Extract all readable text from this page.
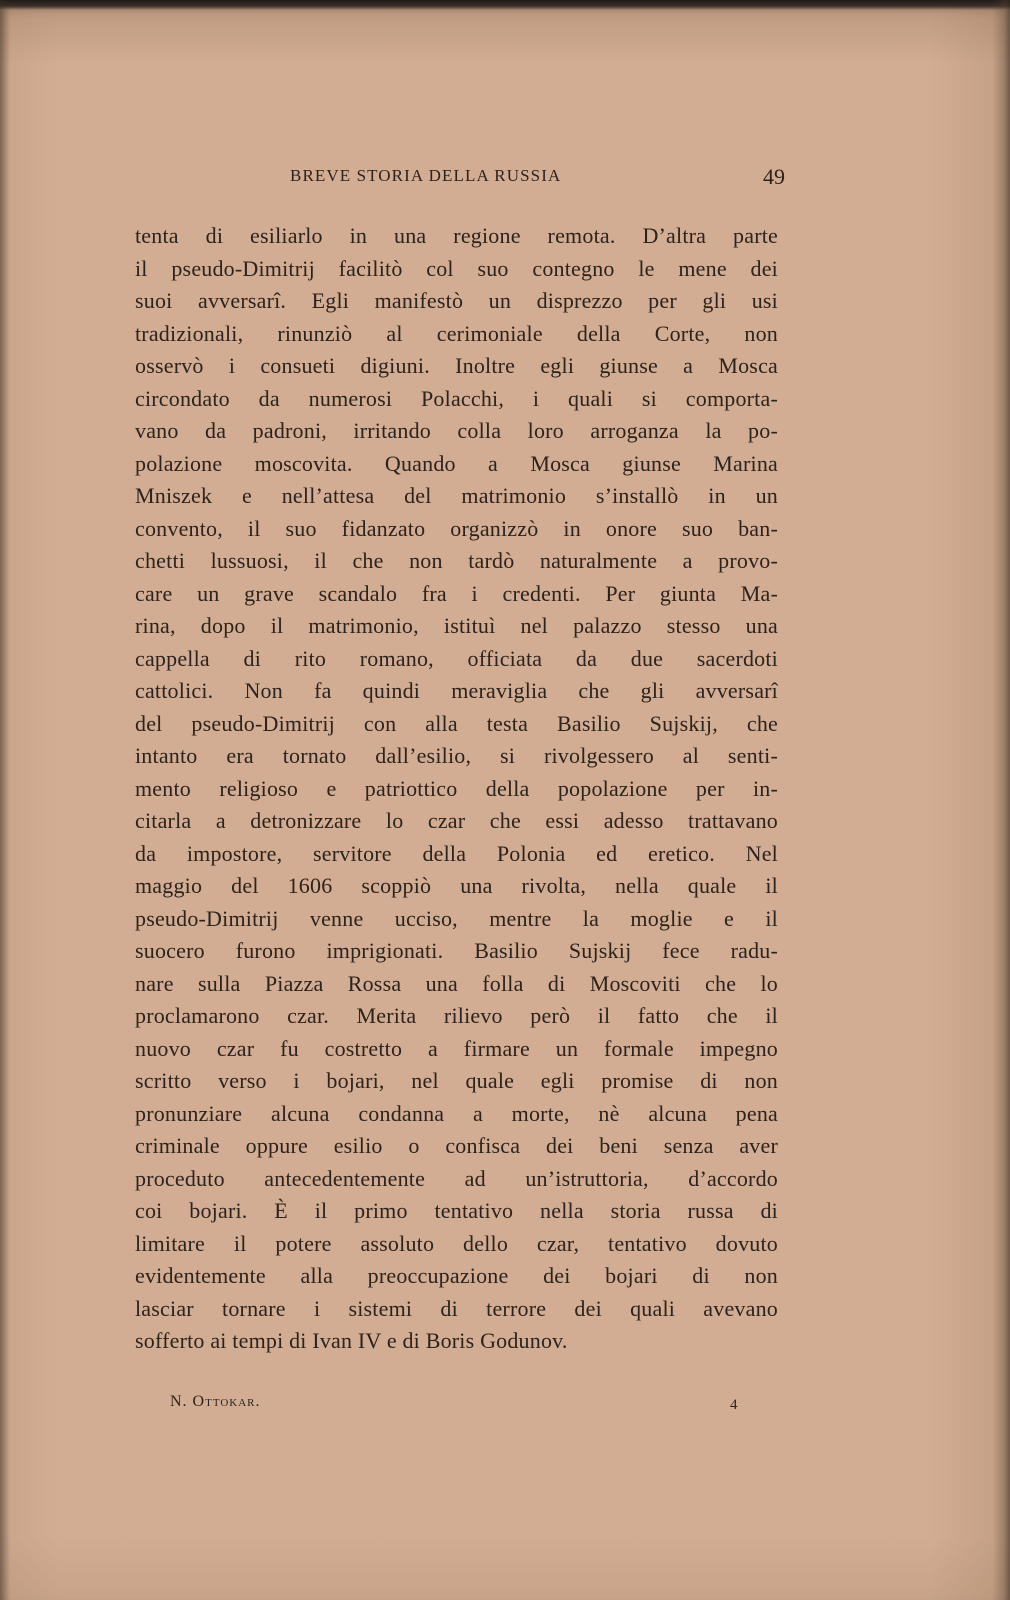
BREVE STORIA DELLA RUSSIA	49
tenta di esiliarlo in una regione remota. D’altra parte
il pseudo-Dimitrij facilitò col suo contegno le mene dei
suoi avversarî. Egli manifestò un disprezzo per gli usi
tradizionali, rinunziò al cerimoniale della Corte, non
osservò i consueti digiuni. Inoltre egli giunse a Mosca
circondato da numerosi Polacchi, i quali si comporta-
vano da padroni, irritando colla loro arroganza la po-
polazione moscovita. Quando a Mosca giunse Marina
Mniszek e nell’attesa del matrimonio s’installò in un
convento, il suo fidanzato organizzò in onore suo ban-
chetti lussuosi, il che non tardò naturalmente a provo-
care un grave scandalo fra i credenti. Per giunta Ma-
rina, dopo il matrimonio, istituì nel palazzo stesso una
cappella di rito romano, officiata da due sacerdoti
cattolici. Non fa quindi meraviglia che gli avversarî
del pseudo-Dimitrij con alla testa Basilio Sujskij, che
intanto era tornato dall’esilio, si rivolgessero al senti-
mento religioso e patriottico della popolazione per in-
citarla a detronizzare lo czar che essi adesso trattavano
da impostore, servitore della Polonia ed eretico. Nel
maggio del 1606 scoppiò una rivolta, nella quale il
pseudo-Dimitrij venne ucciso, mentre la moglie e il
suocero furono imprigionati. Basilio Sujskij fece radu-
nare sulla Piazza Rossa una folla di Moscoviti che lo
proclamarono czar. Merita rilievo però il fatto che il
nuovo czar fu costretto a firmare un formale impegno
scritto verso i bojari, nel quale egli promise di non
pronunziare alcuna condanna a morte, nè alcuna pena
criminale oppure esilio o confisca dei beni senza aver
proceduto antecedentemente ad un’istruttoria, d’accordo
coi bojari. È il primo tentativo nella storia russa di
limitare il potere assoluto dello czar, tentativo dovuto
evidentemente alla preoccupazione dei bojari di non
lasciar tornare i sistemi di terrore dei quali avevano
sofferto ai tempi di Ivan IV e di Boris Godunov.
N. Ottokar.	4
